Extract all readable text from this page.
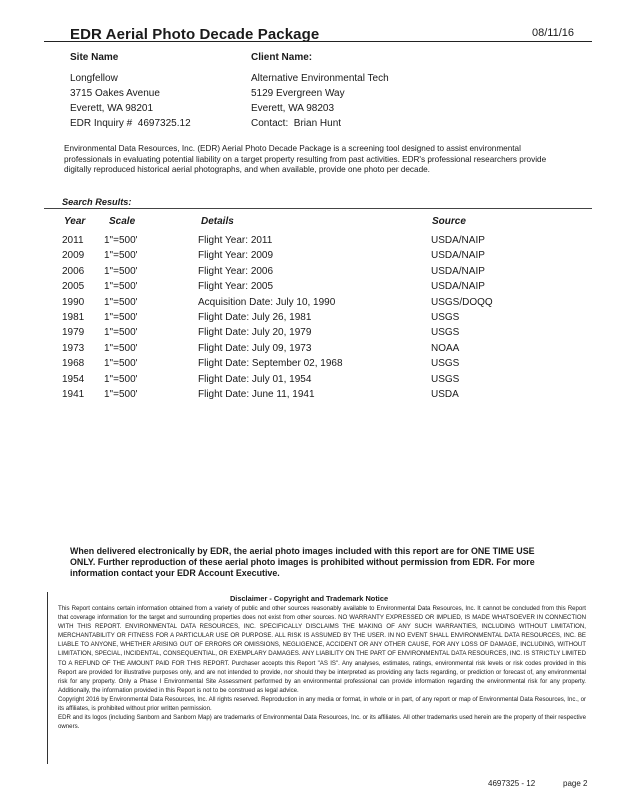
EDR Aerial Photo Decade Package	08/11/16
Site Name	Client Name:
Longfellow
3715 Oakes Avenue
Everett, WA 98201
EDR Inquiry #  4697325.12
Alternative Environmental Tech
5129 Evergreen Way
Everett, WA 98203
Contact:  Brian Hunt
Environmental Data Resources, Inc. (EDR) Aerial Photo Decade Package is a screening tool designed to assist environmental professionals in evaluating potential liability on a target property resulting from past activities. EDR's professional researchers provide digitally reproduced historical aerial photographs, and when available, provide one photo per decade.
Search Results:
Year Scale	Details	Source
2011 1"=500'	Flight Year: 2011	USDA/NAIP
2009 1"=500'	Flight Year: 2009	USDA/NAIP
2006 1"=500'	Flight Year: 2006	USDA/NAIP
2005 1"=500'	Flight Year: 2005	USDA/NAIP
1990 1"=500'	Acquisition Date: July 10, 1990	USGS/DOQQ
1981 1"=500'	Flight Date: July 26, 1981	USGS
1979 1"=500'	Flight Date: July 20, 1979	USGS
1973 1"=500'	Flight Date: July 09, 1973	NOAA
1968 1"=500'	Flight Date: September 02, 1968	USGS
1954 1"=500'	Flight Date: July 01, 1954	USGS
1941 1"=500'	Flight Date: June 11, 1941	USDA
When delivered electronically by EDR, the aerial photo images included with this report are for ONE TIME USE ONLY. Further reproduction of these aerial photo images is prohibited without permission from EDR. For more information contact your EDR Account Executive.
Disclaimer - Copyright and Trademark Notice

This Report contains certain information obtained from a variety of public and other sources reasonably available to Environmental Data Resources, Inc. It cannot be concluded from this Report that coverage information for the target and surrounding properties does not exist from other sources. NO WARRANTY EXPRESSED OR IMPLIED, IS MADE WHATSOEVER IN CONNECTION WITH THIS REPORT. ENVIRONMENTAL DATA RESOURCES, INC. SPECIFICALLY DISCLAIMS THE MAKING OF ANY SUCH WARRANTIES, INCLUDING WITHOUT LIMITATION, MERCHANTABILITY OR FITNESS FOR A PARTICULAR USE OR PURPOSE. ALL RISK IS ASSUMED BY THE USER. IN NO EVENT SHALL ENVIRONMENTAL DATA RESOURCES, INC. BE LIABLE TO ANYONE, WHETHER ARISING OUT OF ERRORS OR OMISSIONS, NEGLIGENCE, ACCIDENT OR ANY OTHER CAUSE, FOR ANY LOSS OF DAMAGE, INCLUDING, WITHOUT LIMITATION, SPECIAL, INCIDENTAL, CONSEQUENTIAL, OR EXEMPLARY DAMAGES. ANY LIABILITY ON THE PART OF ENVIRONMENTAL DATA RESOURCES, INC. IS STRICTLY LIMITED TO A REFUND OF THE AMOUNT PAID FOR THIS REPORT. Purchaser accepts this Report "AS IS". Any analyses, estimates, ratings, environmental risk levels or risk codes provided in this Report are provided for illustrative purposes only, and are not intended to provide, nor should they be interpreted as providing any facts regarding, or prediction or forecast of, any environmental risk for any property. Only a Phase I Environmental Site Assessment performed by an environmental professional can provide information regarding the environmental risk for any property. Additionally, the information provided in this Report is not to be construed as legal advice.

Copyright 2016 by Environmental Data Resources, Inc. All rights reserved. Reproduction in any media or format, in whole or in part, of any report or map of Environmental Data Resources, Inc., or its affiliates, is prohibited without prior written permission.

EDR and its logos (including Sanborn and Sanborn Map) are trademarks of Environmental Data Resources, Inc. or its affiliates. All other trademarks used herein are the property of their respective owners.

4697325 - 12	page 2
